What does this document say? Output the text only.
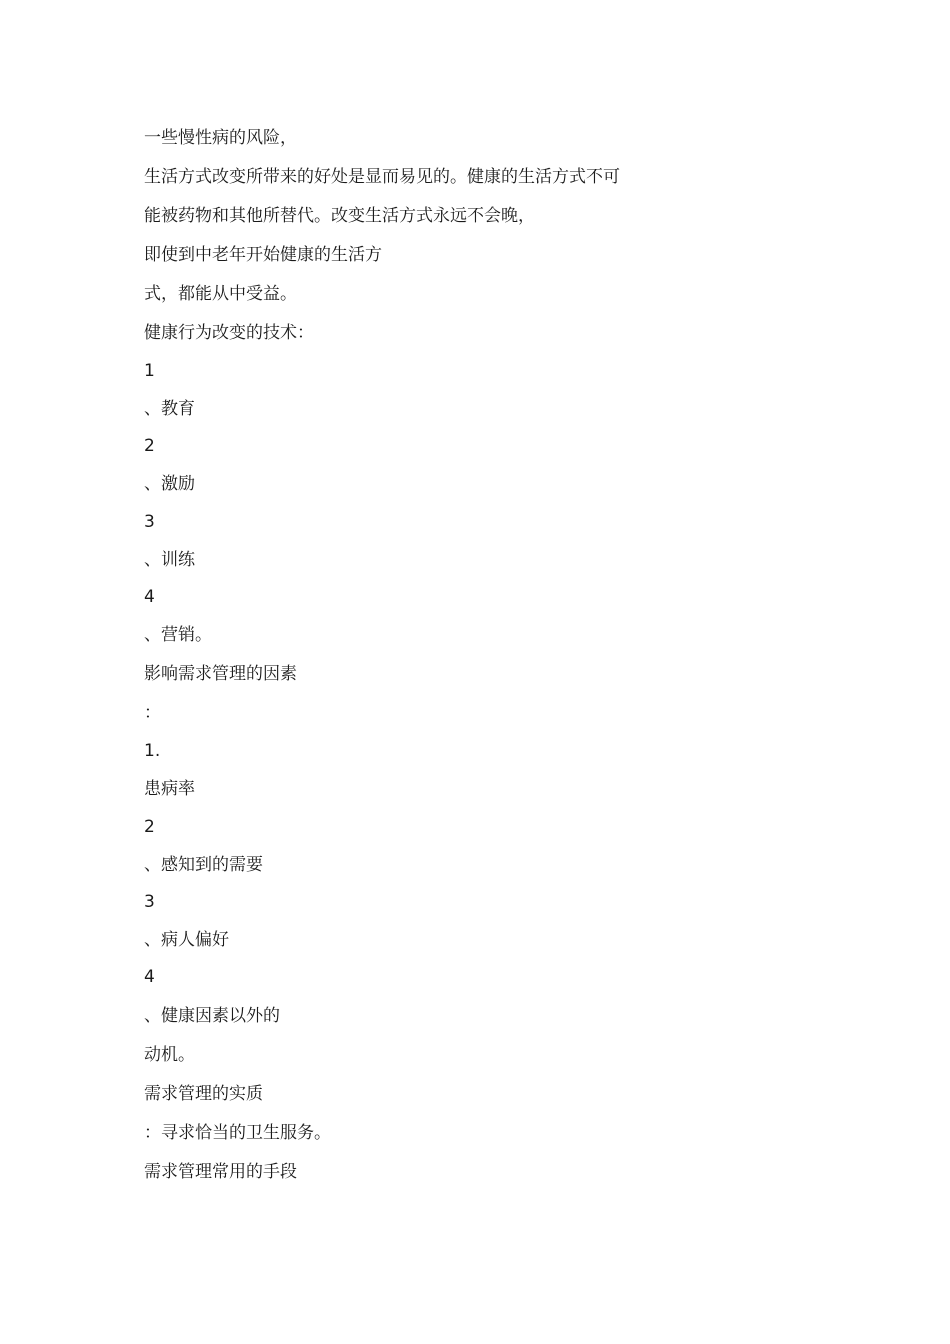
一些慢性病的风险，
生活方式改变所带来的好处是显而易见的。健康的生活方式不可
能被药物和其他所替代。改变生活方式永远不会晚，
即使到中老年开始健康的生活方
式，都能从中受益。
健康行为改变的技术：
1
、教育
2
、激励
3
、训练
4
、营销。
影响需求管理的因素
：
1.
患病率
2
、感知到的需要
3
、病人偏好
4
、健康因素以外的
动机。
需求管理的实质
：寻求恰当的卫生服务。
需求管理常用的手段
